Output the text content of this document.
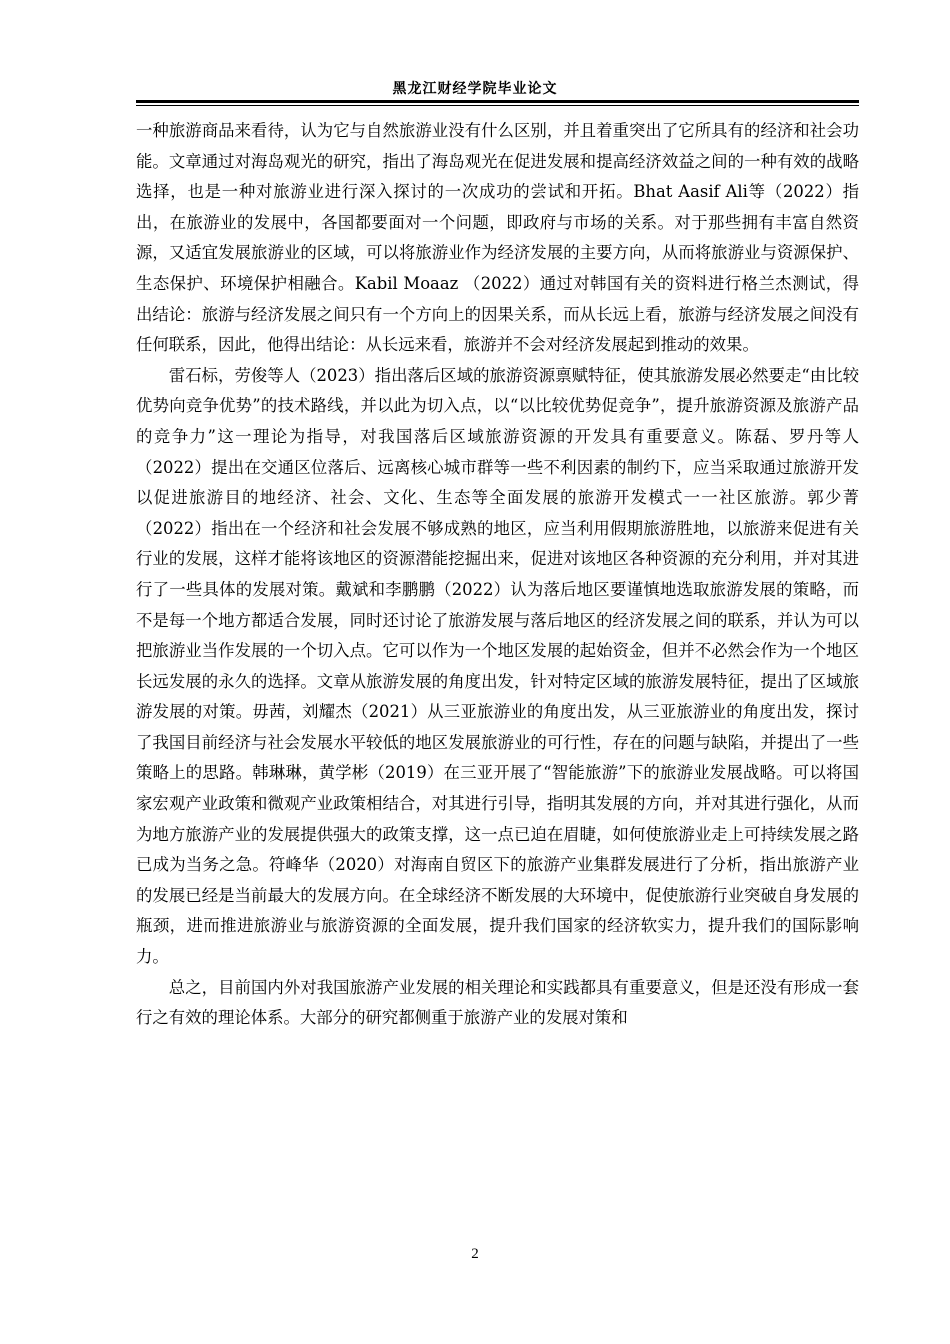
黑龙江财经学院毕业论文

一种旅游商品来看待，认为它与自然旅游业没有什么区别，并且着重突出了它所具有的经济和社会功能。文章通过对海岛观光的研究，指出了海岛观光在促进发展和提高经济效益之间的一种有效的战略选择，也是一种对旅游业进行深入探讨的一次成功的尝试和开拓。Bhat Aasif Ali等（2022）指出，在旅游业的发展中，各国都要面对一个问题，即政府与市场的关系。对于那些拥有丰富自然资源，又适宜发展旅游业的区域，可以将旅游业作为经济发展的主要方向，从而将旅游业与资源保护、生态保护、环境保护相融合。Kabil Moaaz （2022）通过对韩国有关的资料进行格兰杰测试，得出结论：旅游与经济发展之间只有一个方向上的因果关系，而从长远上看，旅游与经济发展之间没有任何联系，因此，他得出结论：从长远来看，旅游并不会对经济发展起到推动的效果。

雷石标，劳俊等人（2023）指出落后区域的旅游资源禀赋特征，使其旅游发展必然要走“由比较优势向竞争优势”的技术路线，并以此为切入点，以“以比较优势促竞争”，提升旅游资源及旅游产品的竞争力”这一理论为指导，对我国落后区域旅游资源的开发具有重要意义。陈磊、罗丹等人（2022）提出在交通区位落后、远离核心城市群等一些不利因素的制约下，应当采取通过旅游开发以促进旅游目的地经济、社会、文化、生态等全面发展的旅游开发模式一一社区旅游。郭少菁（2022）指出在一个经济和社会发展不够成熟的地区，应当利用假期旅游胜地，以旅游来促进有关行业的发展，这样才能将该地区的资源潜能挖掘出来，促进对该地区各种资源的充分利用，并对其进行了一些具体的发展对策。戴斌和李鹏鹏（2022）认为落后地区要谨慎地选取旅游发展的策略，而不是每一个地方都适合发展，同时还讨论了旅游发展与落后地区的经济发展之间的联系，并认为可以把旅游业当作发展的一个切入点。它可以作为一个地区发展的起始资金，但并不必然会作为一个地区长远发展的永久的选择。文章从旅游发展的角度出发，针对特定区域的旅游发展特征，提出了区域旅游发展的对策。毋茜，刘耀杰（2021）从三亚旅游业的角度出发，从三亚旅游业的角度出发，探讨了我国目前经济与社会发展水平较低的地区发展旅游业的可行性，存在的问题与缺陷，并提出了一些策略上的思路。韩琳琳，黄学彬（2019）在三亚开展了“智能旅游”下的旅游业发展战略。可以将国家宏观产业政策和微观产业政策相结合，对其进行引导，指明其发展的方向，并对其进行强化，从而为地方旅游产业的发展提供强大的政策支撑，这一点已迫在眉睫，如何使旅游业走上可持续发展之路已成为当务之急。符峰华（2020）对海南自贸区下的旅游产业集群发展进行了分析，指出旅游产业的发展已经是当前最大的发展方向。在全球经济不断发展的大环境中，促使旅游行业突破自身发展的瓶颈，进而推进旅游业与旅游资源的全面发展，提升我们国家的经济软实力，提升我们的国际影响力。

总之，目前国内外对我国旅游产业发展的相关理论和实践都具有重要意义，但是还没有形成一套行之有效的理论体系。大部分的研究都侧重于旅游产业的发展对策和

2
